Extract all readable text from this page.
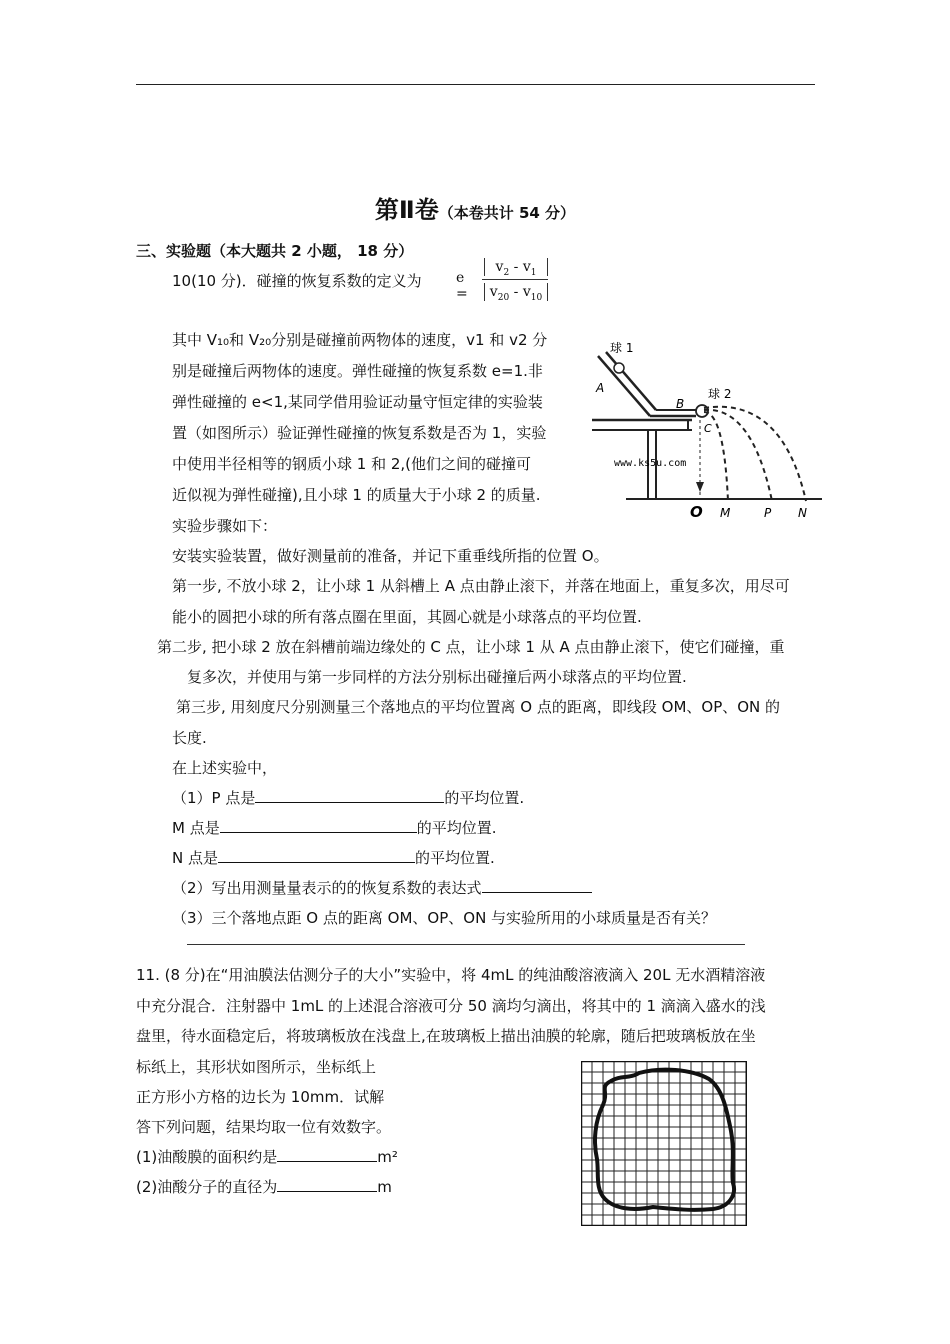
第Ⅱ卷（本卷共计 54 分）
三、实验题（本大题共 2 小题， 18 分）
10(10 分)．碰撞的恢复系数的定义为 e =
$v_2 - v_1$
$v_{20} - v_{10}$
其中 V₁₀和 V₂₀分别是碰撞前两物体的速度，v1 和 v2 分
别是碰撞后两物体的速度。弹性碰撞的恢复系数 e=1.非
弹性碰撞的 e<1,某同学借用验证动量守恒定律的实验装
置（如图所示）验证弹性碰撞的恢复系数是否为 1，实验
中使用半径相等的钢质小球 1 和 2,(他们之间的碰撞可
近似视为弹性碰撞),且小球 1 的质量大于小球 2 的质量.
实验步骤如下：
球 1
球 2
A
B
C
www.ks5u.com
O M	P N
安装实验装置，做好测量前的准备，并记下重垂线所指的位置 O。
第一步, 不放小球 2，让小球 1 从斜槽上 A 点由静止滚下，并落在地面上，重复多次，用尽可
能小的圆把小球的所有落点圈在里面，其圆心就是小球落点的平均位置.
第二步, 把小球 2 放在斜槽前端边缘处的 C 点，让小球 1 从 A 点由静止滚下，使它们碰撞，重
复多次，并使用与第一步同样的方法分别标出碰撞后两小球落点的平均位置.
第三步, 用刻度尺分别测量三个落地点的平均位置离 O 点的距离，即线段 OM、OP、ON 的
长度.
在上述实验中，
（1）P 点是	的平均位置.
M 点是	的平均位置.
N 点是	的平均位置.
（2）写出用测量量表示的的恢复系数的表达式
（3）三个落地点距 O 点的距离 OM、OP、ON 与实验所用的小球质量是否有关？
11. (8 分)在“用油膜法估测分子的大小”实验中，将 4mL 的纯油酸溶液滴入 20L 无水酒精溶液
中充分混合．注射器中 1mL 的上述混合溶液可分 50 滴均匀滴出，将其中的 1 滴滴入盛水的浅
盘里，待水面稳定后，将玻璃板放在浅盘上,在玻璃板上描出油膜的轮廓，随后把玻璃板放在坐
标纸上，其形状如图所示，坐标纸上
正方形小方格的边长为 10mm．试解
答下列问题，结果均取一位有效数字。
(1)油酸膜的面积约是	m²
(2)油酸分子的直径为	m
